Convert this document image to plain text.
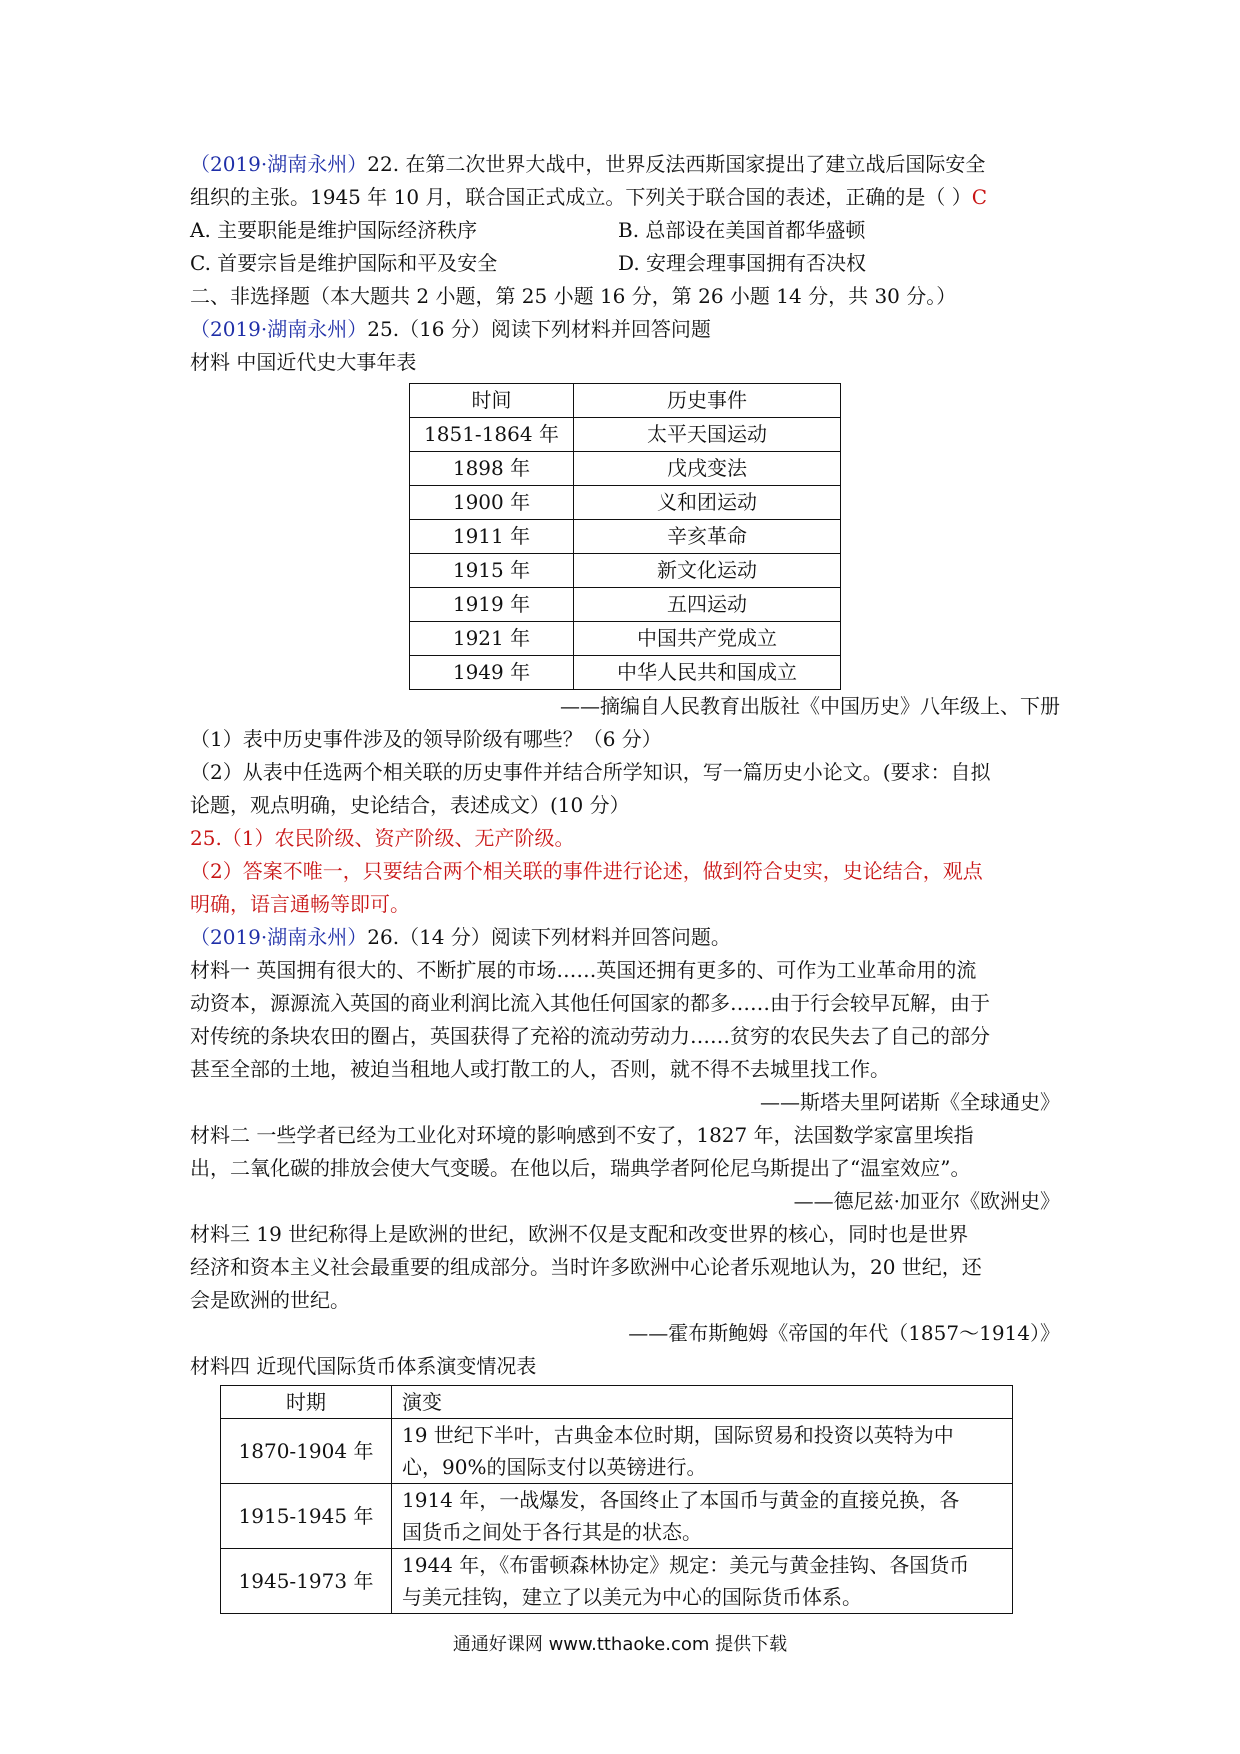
（2019·湖南永州）22. 在第二次世界大战中，世界反法西斯国家提出了建立战后国际安全
组织的主张。1945 年 10 月，联合国正式成立。下列关于联合国的表述，正确的是（ ）C
A. 主要职能是维护国际经济秩序	B. 总部设在美国首都华盛顿
C. 首要宗旨是维护国际和平及安全	D. 安理会理事国拥有否决权
二、非选择题（本大题共 2 小题，第 25 小题 16 分，第 26 小题 14 分，共 30 分。）
（2019·湖南永州）25.（16 分）阅读下列材料并回答问题
材料 中国近代史大事年表
时间	历史事件
1851-1864 年	太平天国运动
1898 年	戊戌变法
1900 年	义和团运动
1911 年	辛亥革命
1915 年	新文化运动
1919 年	五四运动
1921 年	中国共产党成立
1949 年	中华人民共和国成立
——摘编自人民教育出版社《中国历史》八年级上、下册
（1）表中历史事件涉及的领导阶级有哪些？（6 分）
（2）从表中任选两个相关联的历史事件并结合所学知识，写一篇历史小论文。(要求：自拟
论题，观点明确，史论结合，表述成文）(10 分）
25.（1）农民阶级、资产阶级、无产阶级。
（2）答案不唯一，只要结合两个相关联的事件进行论述，做到符合史实，史论结合，观点
明确，语言通畅等即可。
（2019·湖南永州）26.（14 分）阅读下列材料并回答问题。
材料一 英国拥有很大的、不断扩展的市场……英国还拥有更多的、可作为工业革命用的流
动资本，源源流入英国的商业利润比流入其他任何国家的都多……由于行会较早瓦解，由于
对传统的条块农田的圈占，英国获得了充裕的流动劳动力……贫穷的农民失去了自己的部分
甚至全部的土地，被迫当租地人或打散工的人，否则，就不得不去城里找工作。
——斯塔夫里阿诺斯《全球通史》
材料二 一些学者已经为工业化对环境的影响感到不安了，1827 年，法国数学家富里埃指
出，二氧化碳的排放会使大气变暖。在他以后，瑞典学者阿伦尼乌斯提出了“温室效应”。
——德尼兹·加亚尔《欧洲史》
材料三 19 世纪称得上是欧洲的世纪，欧洲不仅是支配和改变世界的核心，同时也是世界
经济和资本主义社会最重要的组成部分。当时许多欧洲中心论者乐观地认为，20 世纪，还
会是欧洲的世纪。
——霍布斯鲍姆《帝国的年代（1857～1914）》
材料四 近现代国际货币体系演变情况表
时期	演变
1870-1904 年	19 世纪下半叶，古典金本位时期，国际贸易和投资以英特为中
心，90%的国际支付以英镑进行。

1915-1945 年	1914 年，一战爆发，各国终止了本国币与黄金的直接兑换，各
国货币之间处于各行其是的状态。

1945-1973 年	1944 年，《布雷顿森林协定》规定：美元与黄金挂钩、各国货币
与美元挂钩，建立了以美元为中心的国际货币体系。
通通好课网 www.tthaoke.com 提供下载
